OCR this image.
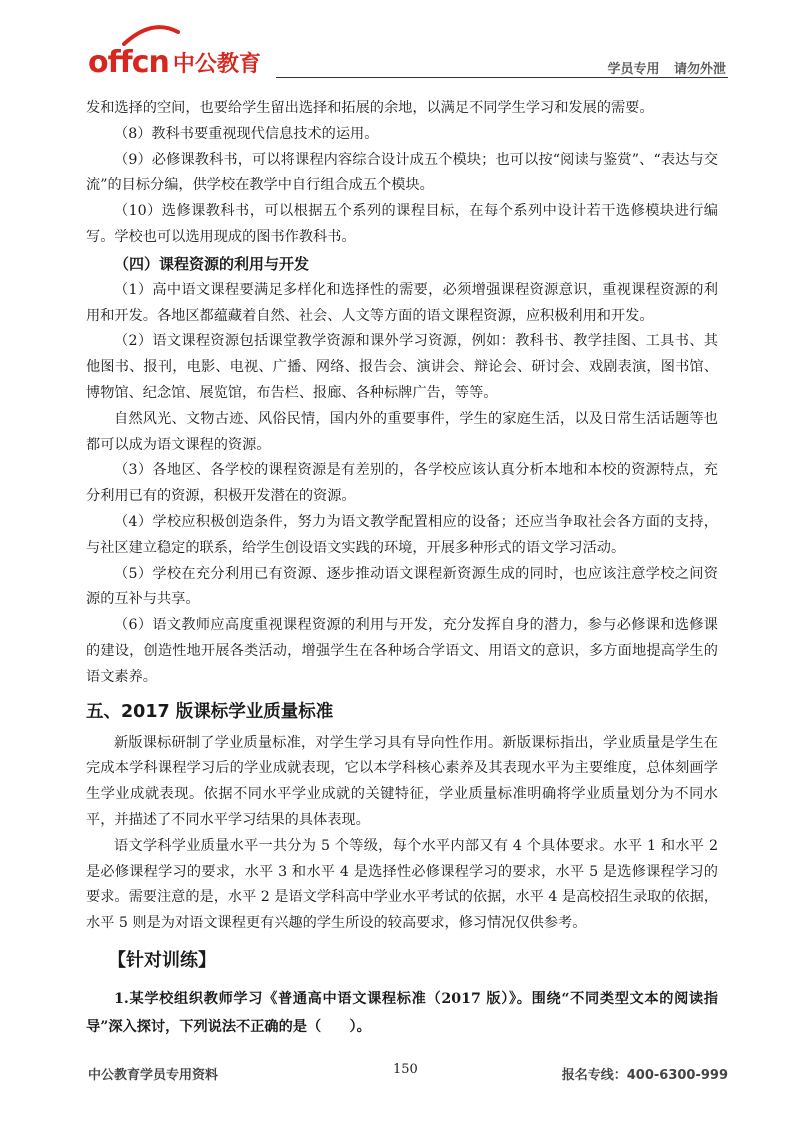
offcn 中公教育	学员专用 请勿外泄

发和选择的空间，也要给学生留出选择和拓展的余地，以满足不同学生学习和发展的需要。

（8）教科书要重视现代信息技术的运用。

（9）必修课教科书，可以将课程内容综合设计成五个模块；也可以按“阅读与鉴赏”、“表达与交流”的目标分编，供学校在教学中自行组合成五个模块。

（10）选修课教科书，可以根据五个系列的课程目标，在每个系列中设计若干选修模块进行编写。学校也可以选用现成的图书作教科书。

（四）课程资源的利用与开发

（1）高中语文课程要满足多样化和选择性的需要，必须增强课程资源意识，重视课程资源的利用和开发。各地区都蕴藏着自然、社会、人文等方面的语文课程资源，应积极利用和开发。

（2）语文课程资源包括课堂教学资源和课外学习资源，例如：教科书、教学挂图、工具书、其他图书、报刊，电影、电视、广播、网络、报告会、演讲会、辩论会、研讨会、戏剧表演，图书馆、博物馆、纪念馆、展览馆，布告栏、报廊、各种标牌广告，等等。

自然风光、文物古迹、风俗民情，国内外的重要事件，学生的家庭生活，以及日常生活话题等也都可以成为语文课程的资源。

（3）各地区、各学校的课程资源是有差别的，各学校应该认真分析本地和本校的资源特点，充分利用已有的资源，积极开发潜在的资源。

（4）学校应积极创造条件，努力为语文教学配置相应的设备；还应当争取社会各方面的支持，与社区建立稳定的联系，给学生创设语文实践的环境，开展多种形式的语文学习活动。

（5）学校在充分利用已有资源、逐步推动语文课程新资源生成的同时，也应该注意学校之间资源的互补与共享。

（6）语文教师应高度重视课程资源的利用与开发，充分发挥自身的潜力，参与必修课和选修课的建设，创造性地开展各类活动，增强学生在各种场合学语文、用语文的意识，多方面地提高学生的语文素养。

五、2017 版课标学业质量标准

新版课标研制了学业质量标准，对学生学习具有导向性作用。新版课标指出，学业质量是学生在完成本学科课程学习后的学业成就表现，它以本学科核心素养及其表现水平为主要维度，总体刻画学生学业成就表现。依据不同水平学业成就的关键特征，学业质量标准明确将学业质量划分为不同水平，并描述了不同水平学习结果的具体表现。

语文学科学业质量水平一共分为 5 个等级，每个水平内部又有 4 个具体要求。水平 1 和水平 2 是必修课程学习的要求，水平 3 和水平 4 是选择性必修课程学习的要求，水平 5 是选修课程学习的要求。需要注意的是，水平 2 是语文学科高中学业水平考试的依据，水平 4 是高校招生录取的依据，水平 5 则是为对语文课程更有兴趣的学生所设的较高要求，修习情况仅供参考。

【针对训练】

1.某学校组织教师学习《普通高中语文课程标准（2017 版）》。围绕“不同类型文本的阅读指导”深入探讨，下列说法不正确的是（　　）。

中公教育学员专用资料	150	报名专线：400-6300-999
